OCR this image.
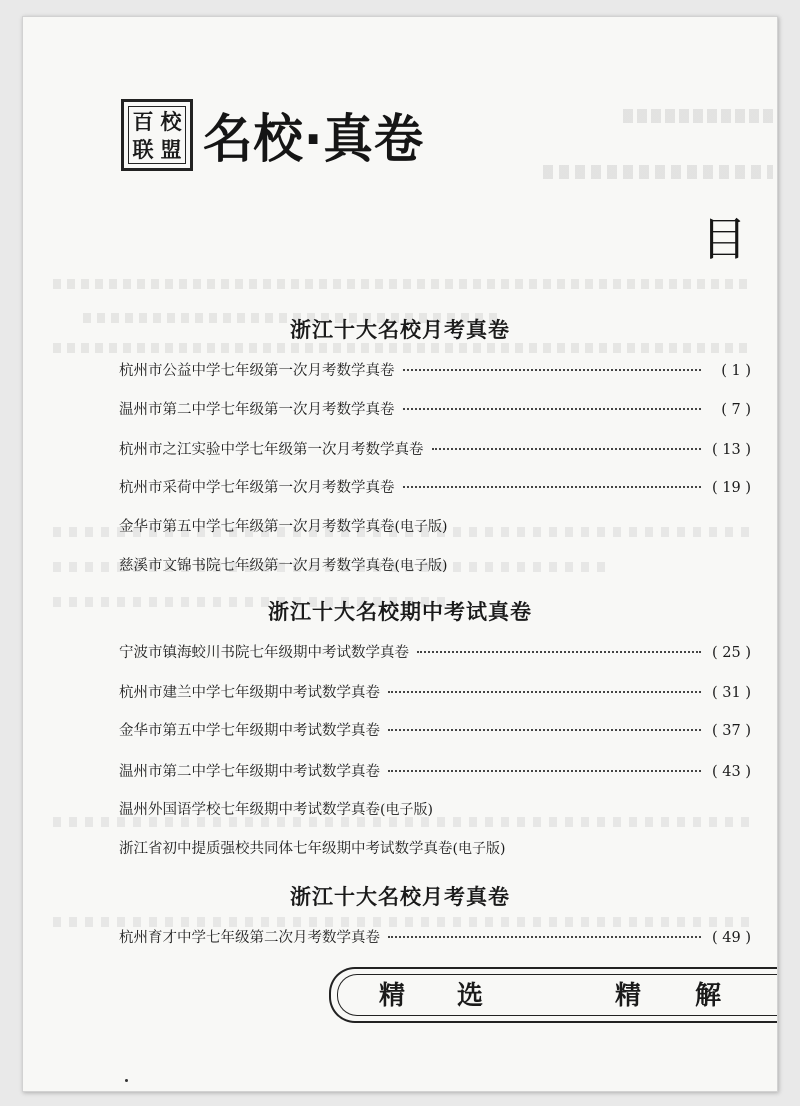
百 校
联 盟 名校·真卷
目
浙江十大名校月考真卷
杭州市公益中学七年级第一次月考数学真卷	( 1 )
温州市第二中学七年级第一次月考数学真卷	( 7 )
杭州市之江实验中学七年级第一次月考数学真卷	( 13 )
杭州市采荷中学七年级第一次月考数学真卷	( 19 )
金华市第五中学七年级第一次月考数学真卷 (电子版)
慈溪市文锦书院七年级第一次月考数学真卷 (电子版)
浙江十大名校期中考试真卷
宁波市镇海蛟川书院七年级期中考试数学真卷	( 25 )
杭州市建兰中学七年级期中考试数学真卷	( 31 )
金华市第五中学七年级期中考试数学真卷	( 37 )
温州市第二中学七年级期中考试数学真卷	( 43 )
温州外国语学校七年级期中考试数学真卷 (电子版)
浙江省初中提质强校共同体七年级期中考试数学真卷 (电子版)
浙江十大名校月考真卷
杭州育才中学七年级第二次月考数学真卷	( 49 )
精 选	精 解
